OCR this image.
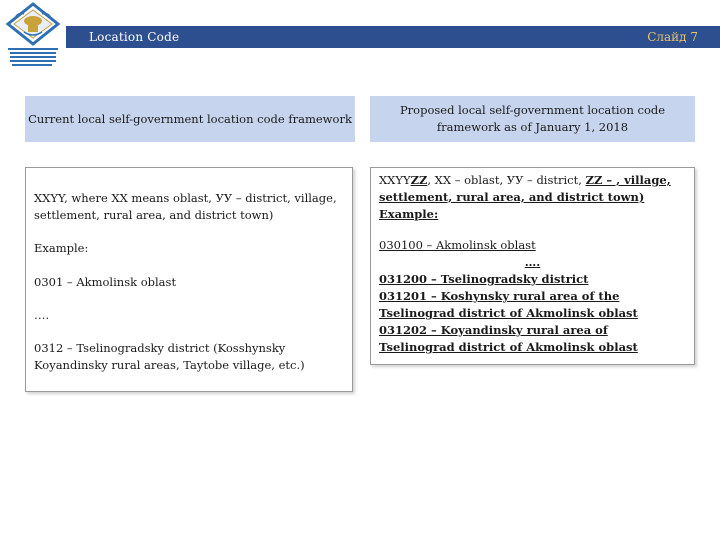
Location Code	Слайд 7
Current local self-government location code framework
Proposed local self-government location code framework as of January 1, 2018

XXYY, where XX means oblast, УУ – district, village, settlement, rural area, and district town)

Example:

0301 – Akmolinsk oblast

….

0312 – Tselinogradsky district (Kosshynsky Koyandinsky rural areas, Taytobe village, etc.)

XXYYZZ, XX – oblast, УУ – district, ZZ – , village, settlement, rural area, and district town)

Example:

030100 – Akmolinsk oblast

….

031200 – Tselinogradsky district

031201 – Koshynsky rural area of the Tselinograd district of Akmolinsk oblast

031202 – Koyandinsky rural area of Tselinograd district of Akmolinsk oblast
